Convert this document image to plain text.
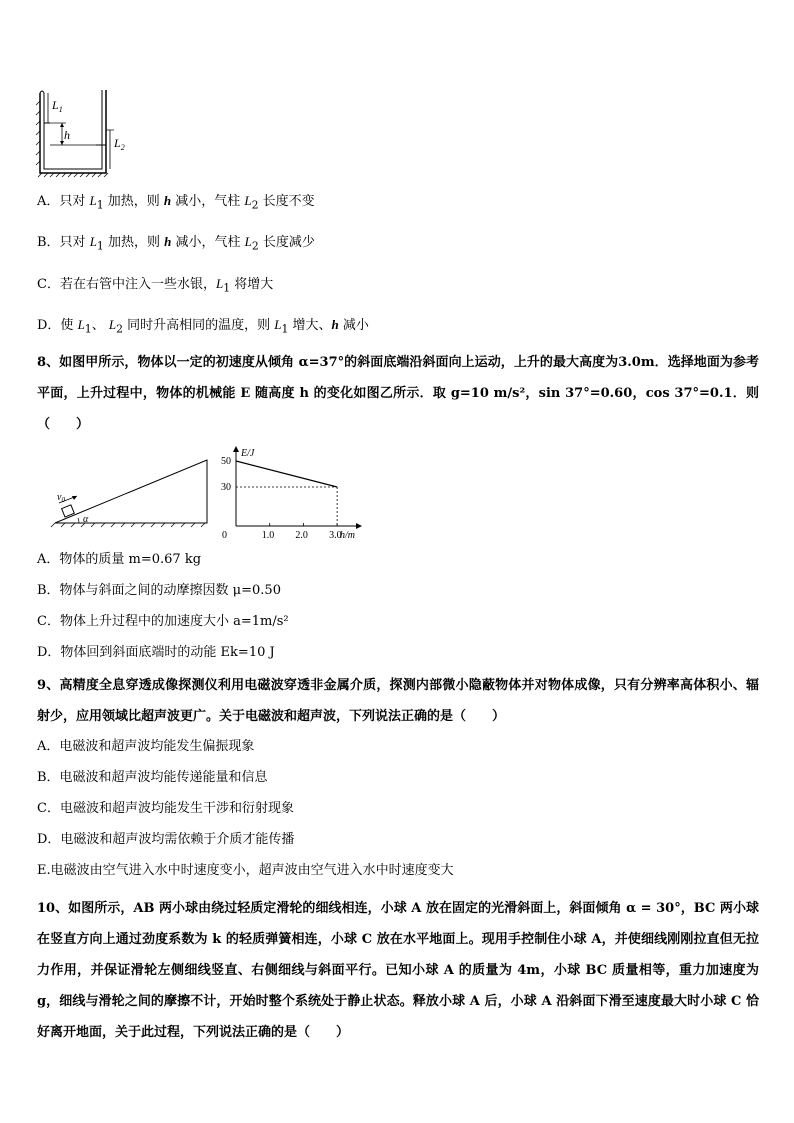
$L_1$
h
$L_2$
A．只对 $L_1$ 加热，则 h 减小，气柱 $L_2$ 长度不变
B．只对 $L_1$ 加热，则 h 减小，气柱 $L_2$ 长度减少
C．若在右管中注入一些水银，$L_1$ 将增大
D．使 $L_1$、 $L_2$ 同时升高相同的温度，则 $L_1$ 增大、h 减小
8、如图甲所示，物体以一定的初速度从倾角 α=37°的斜面底端沿斜面向上运动，上升的最大高度为3.0m．选择地面为参考平面，上升过程中，物体的机械能 E 随高度 h 的变化如图乙所示．取 g=10 m/s²，sin 37°=0.60，cos 37°=0.1．则（　　）
$v_0$
α
E/J
h/m
50
30
0	1.0 2.0 3.0
A．物体的质量 m=0.67 kg
B．物体与斜面之间的动摩擦因数 μ=0.50
C．物体上升过程中的加速度大小 a=1m/s²
D．物体回到斜面底端时的动能 Ek=10 J
9、高精度全息穿透成像探测仪利用电磁波穿透非金属介质，探测内部微小隐蔽物体并对物体成像，只有分辨率高体积小、辐射少，应用领域比超声波更广。关于电磁波和超声波，下列说法正确的是（　　）
A．电磁波和超声波均能发生偏振现象
B．电磁波和超声波均能传递能量和信息
C．电磁波和超声波均能发生干涉和衍射现象
D．电磁波和超声波均需依赖于介质才能传播
E.电磁波由空气进入水中时速度变小，超声波由空气进入水中时速度变大
10、如图所示，AB 两小球由绕过轻质定滑轮的细线相连，小球 A 放在固定的光滑斜面上，斜面倾角 α = 30°，BC 两小球在竖直方向上通过劲度系数为 k 的轻质弹簧相连，小球 C 放在水平地面上。现用手控制住小球 A，并使细线刚刚拉直但无拉力作用，并保证滑轮左侧细线竖直、右侧细线与斜面平行。已知小球 A 的质量为 4m，小球 BC 质量相等，重力加速度为 g，细线与滑轮之间的摩擦不计，开始时整个系统处于静止状态。释放小球 A 后，小球 A 沿斜面下滑至速度最大时小球 C 恰好离开地面，关于此过程，下列说法正确的是（　　）
